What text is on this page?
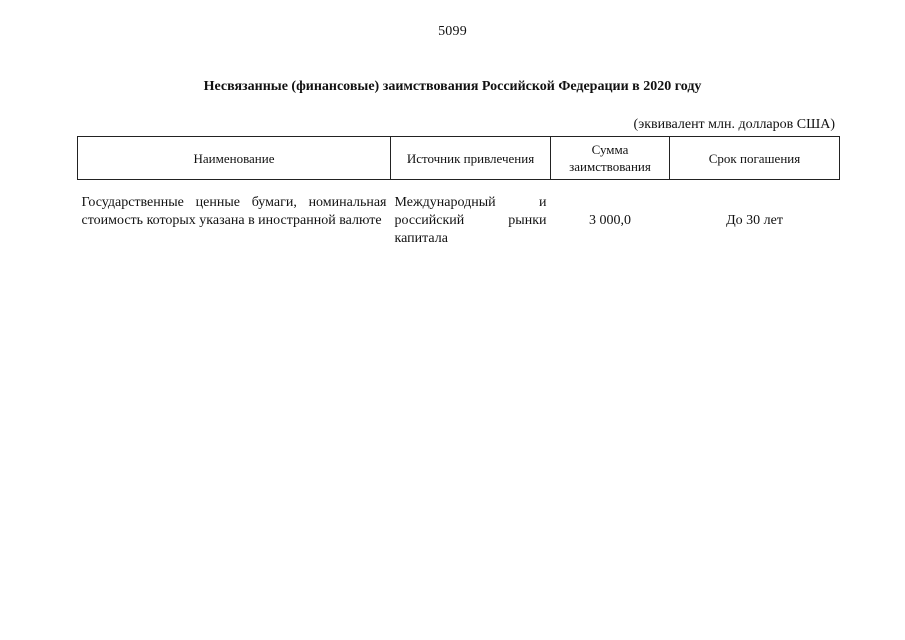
5099
Несвязанные (финансовые) заимствования Российской Федерации в 2020 году
(эквивалент млн. долларов США)
Наименование	Источник привлечения	Сумма заимствования	Срок погашения
Государственные ценные бумаги, номинальная стоимость которых указана в иностранной валюте	Международный и российский рынки капитала	3 000,0	До 30 лет
